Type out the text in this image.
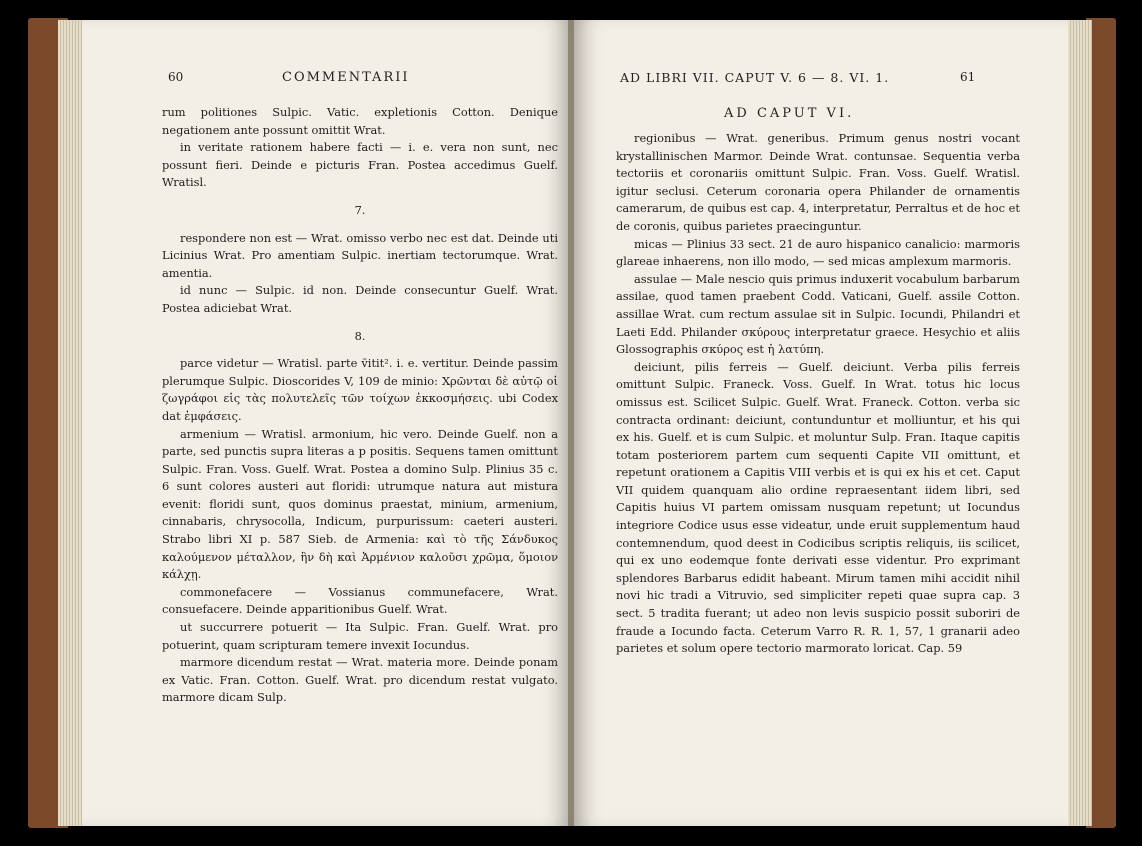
60	COMMENTARII

rum politiones Sulpic. Vatic. expletionis Cotton. Denique negationem ante possunt omittit Wrat.

in veritate rationem habere facti — i. e. vera non sunt, nec possunt fieri. Deinde e picturis Fran. Postea accedimus Guelf. Wratisl.

7.

respondere non est — Wrat. omisso verbo nec est dat. Deinde uti Licinius Wrat. Pro amentiam Sulpic. inertiam tectorumque. Wrat. amentia.

id nunc — Sulpic. id non. Deinde consecuntur Guelf. Wrat. Postea adiciebat Wrat.

8.

parce videtur — Wratisl. parte ṽitit². i. e. vertitur. Deinde passim plerumque Sulpic. Dioscorides V, 109 de minio: Χρῶνται δὲ αὐτῷ οἱ ζωγράφοι εἰς τὰς πολυτελεῖς τῶν τοίχων ἐκκοσμήσεις. ubi Codex dat ἐμφάσεις.

armenium — Wratisl. armonium, hic vero. Deinde Guelf. non a parte, sed punctis supra literas a p positis. Sequens tamen omittunt Sulpic. Fran. Voss. Guelf. Wrat. Postea a domino Sulp. Plinius 35 c. 6 sunt colores austeri aut floridi: utrumque natura aut mistura evenit: floridi sunt, quos dominus praestat, minium, armenium, cinnabaris, chrysocolla, Indicum, purpurissum: caeteri austeri. Strabo libri XI p. 587 Sieb. de Armenia: καὶ τὸ τῆς Σάνδυκος καλούμενον μέταλλον, ἣν δὴ καὶ Ἀρμένιον καλοῦσι χρῶμα, ὅμοιον κάλχῃ.

commonefacere — Vossianus communefacere, Wrat. consuefacere. Deinde apparitionibus Guelf. Wrat.

ut succurrere potuerit — Ita Sulpic. Fran. Guelf. Wrat. pro potuerint, quam scripturam temere invexit Iocundus.

marmore dicendum restat — Wrat. materia more. Deinde ponam ex Vatic. Fran. Cotton. Guelf. Wrat. pro dicendum restat vulgato. marmore dicam Sulp.

AD LIBRI VII. CAPUT V. 6 — 8. VI. 1.	61
AD CAPUT VI.

regionibus — Wrat. generibus. Primum genus nostri vocant krystallinischen Marmor. Deinde Wrat. contunsae. Sequentia verba tectoriis et coronariis omittunt Sulpic. Fran. Voss. Guelf. Wratisl. igitur seclusi. Ceterum coronaria opera Philander de ornamentis camerarum, de quibus est cap. 4, interpretatur, Perraltus et de hoc et de coronis, quibus parietes praecinguntur.

micas — Plinius 33 sect. 21 de auro hispanico canalicio: marmoris glareae inhaerens, non illo modo, — sed micas amplexum marmoris.

assulae — Male nescio quis primus induxerit vocabulum barbarum assilae, quod tamen praebent Codd. Vaticani, Guelf. assile Cotton. assillae Wrat. cum rectum assulae sit in Sulpic. Iocundi, Philandri et Laeti Edd. Philander σκύρους interpretatur graece. Hesychio et aliis Glossographis σκύρος est ἡ λατύπη.

deiciunt, pilis ferreis — Guelf. deiciunt. Verba pilis ferreis omittunt Sulpic. Franeck. Voss. Guelf. In Wrat. totus hic locus omissus est. Scilicet Sulpic. Guelf. Wrat. Franeck. Cotton. verba sic contracta ordinant: deiciunt, contunduntur et molliuntur, et his qui ex his. Guelf. et is cum Sulpic. et moluntur Sulp. Fran. Itaque capitis totam posteriorem partem cum sequenti Capite VII omittunt, et repetunt orationem a Capitis VIII verbis et is qui ex his et cet. Caput VII quidem quanquam alio ordine repraesentant iidem libri, sed Capitis huius VI partem omissam nusquam repetunt; ut Iocundus integriore Codice usus esse videatur, unde eruit supplementum haud contemnendum, quod deest in Codicibus scriptis reliquis, iis scilicet, qui ex uno eodemque fonte derivati esse videntur. Pro exprimant splendores Barbarus edidit habeant. Mirum tamen mihi accidit nihil novi hic tradi a Vitruvio, sed simpliciter repeti quae supra cap. 3 sect. 5 tradita fuerant; ut adeo non levis suspicio possit suboriri de fraude a Iocundo facta. Ceterum Varro R. R. 1, 57, 1 granarii adeo parietes et solum opere tectorio marmorato loricat. Cap. 59
